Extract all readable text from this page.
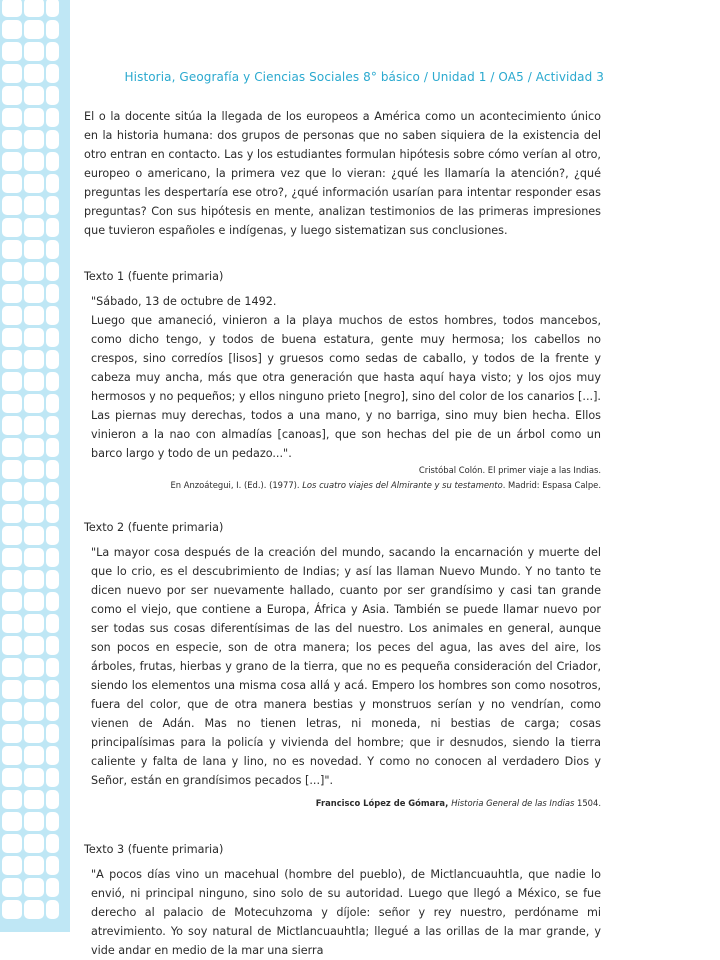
Historia, Geografía y Ciencias Sociales 8° básico / Unidad 1 / OA5 / Actividad 3

El o la docente sitúa la llegada de los europeos a América como un acontecimiento único en la historia humana: dos grupos de personas que no saben siquiera de la existencia del otro entran en contacto. Las y los estudiantes formulan hipótesis sobre cómo verían al otro, europeo o americano, la primera vez que lo vieran: ¿qué les llamaría la atención?, ¿qué preguntas les despertaría ese otro?, ¿qué información usarían para intentar responder esas preguntas? Con sus hipótesis en mente, analizan testimonios de las primeras impresiones que tuvieron españoles e indígenas, y luego sistematizan sus conclusiones.

Texto 1 (fuente primaria)

"Sábado, 13 de octubre de 1492.

Luego que amaneció, vinieron a la playa muchos de estos hombres, todos mancebos, como dicho tengo, y todos de buena estatura, gente muy hermosa; los cabellos no crespos, sino corredíos [lisos] y gruesos como sedas de caballo, y todos de la frente y cabeza muy ancha, más que otra generación que hasta aquí haya visto; y los ojos muy hermosos y no pequeños; y ellos ninguno prieto [negro], sino del color de los canarios [...]. Las piernas muy derechas, todos a una mano, y no barriga, sino muy bien hecha. Ellos vinieron a la nao con almadías [canoas], que son hechas del pie de un árbol como un barco largo y todo de un pedazo...".

Cristóbal Colón. El primer viaje a las Indias.
En Anzoátegui, I. (Ed.). (1977). Los cuatro viajes del Almirante y su testamento. Madrid: Espasa Calpe.
Texto 2 (fuente primaria)

"La mayor cosa después de la creación del mundo, sacando la encarnación y muerte del que lo crio, es el descubrimiento de Indias; y así las llaman Nuevo Mundo. Y no tanto te dicen nuevo por ser nuevamente hallado, cuanto por ser grandísimo y casi tan grande como el viejo, que contiene a Europa, África y Asia. También se puede llamar nuevo por ser todas sus cosas diferentísimas de las del nuestro. Los animales en general, aunque son pocos en especie, son de otra manera; los peces del agua, las aves del aire, los árboles, frutas, hierbas y grano de la tierra, que no es pequeña consideración del Criador, siendo los elementos una misma cosa allá y acá. Empero los hombres son como nosotros, fuera del color, que de otra manera bestias y monstruos serían y no vendrían, como vienen de Adán. Mas no tienen letras, ni moneda, ni bestias de carga; cosas principalísimas para la policía y vivienda del hombre; que ir desnudos, siendo la tierra caliente y falta de lana y lino, no es novedad. Y como no conocen al verdadero Dios y Señor, están en grandísimos pecados [...]".

Francisco López de Gómara, Historia General de las Indias 1504.
Texto 3 (fuente primaria)

"A pocos días vino un macehual (hombre del pueblo), de Mictlancuauhtla, que nadie lo envió, ni principal ninguno, sino solo de su autoridad. Luego que llegó a México, se fue derecho al palacio de Motecuhzoma y díjole: señor y rey nuestro, perdóname mi atrevimiento. Yo soy natural de Mictlancuauhtla; llegué a las orillas de la mar grande, y vide andar en medio de la mar una sierra
